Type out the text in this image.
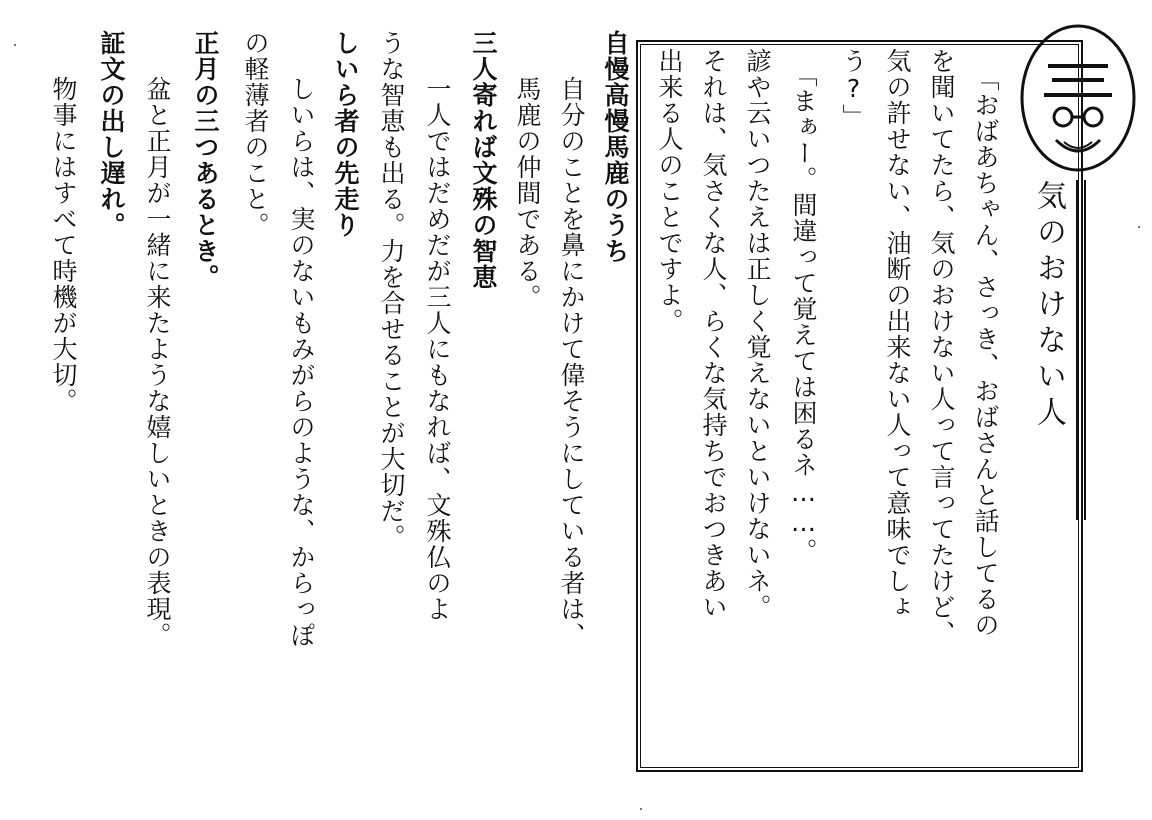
気のおけない人
「おばあちゃん、さっき、おばさんと話してるの
を聞いてたら、気のおけない人って言ってたけど、
気の許せない、油断の出来ない人って意味でしょ
う?」
「まぁー。間違って覚えては困るネ……。
諺や云いつたえは正しく覚えないといけないネ。
それは、気さくな人、らくな気持ちでおつきあい
出来る人のことですよ。
自慢高慢馬鹿のうち
自分のことを鼻にかけて偉そうにしている者は、
馬鹿の仲間である。
三人寄れば文殊の智恵
一人ではだめだが三人にもなれば、文殊仏のよ
うな智恵も出る。力を合せることが大切だ。
しいら者の先走り
しいらは、実のないもみがらのような、からっぽ
の軽薄者のこと。
正月の三つあるとき。
盆と正月が一緒に来たような嬉しいときの表現。
証文の出し遅れ。
物事にはすべて時機が大切。
